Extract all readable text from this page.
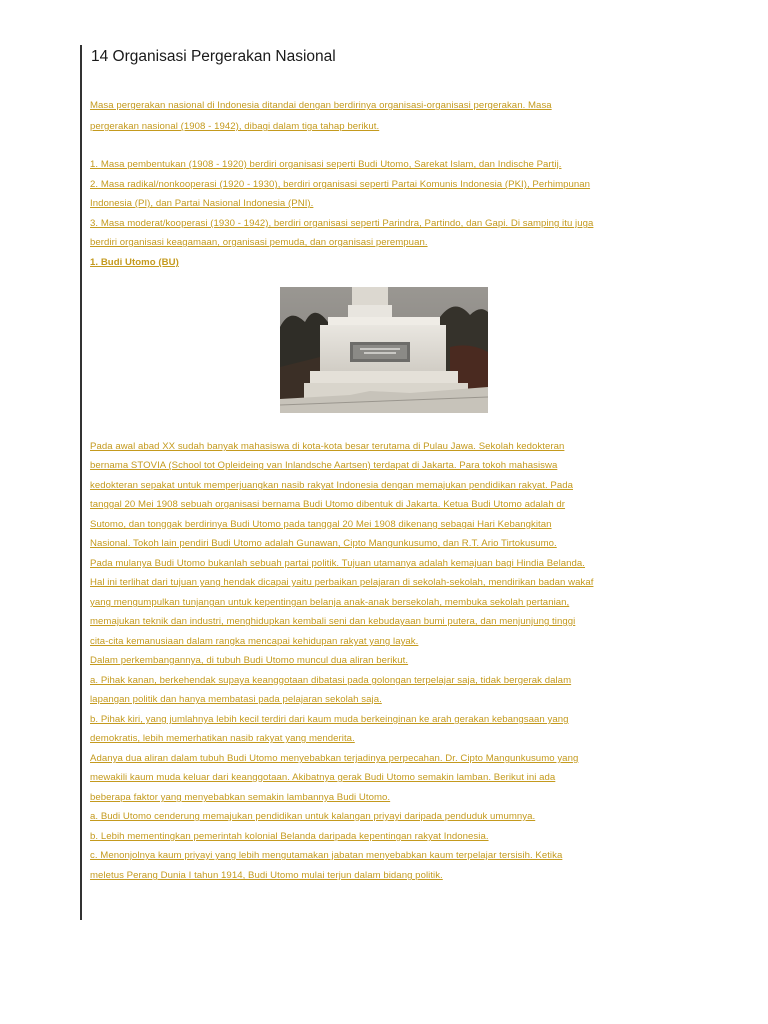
14 Organisasi Pergerakan Nasional
Masa pergerakan nasional di Indonesia ditandai dengan berdirinya organisasi-organisasi pergerakan. Masa
pergerakan nasional (1908 - 1942), dibagi dalam tiga tahap berikut.
1. Masa pembentukan (1908 - 1920) berdiri organisasi seperti Budi Utomo, Sarekat Islam, dan Indische Partij.
2. Masa radikal/nonkooperasi (1920 - 1930), berdiri organisasi seperti Partai Komunis Indonesia (PKI), Perhimpunan
Indonesia (PI), dan Partai Nasional Indonesia (PNI).
3. Masa moderat/kooperasi (1930 - 1942), berdiri organisasi seperti Parindra, Partindo, dan Gapi. Di samping itu juga
berdiri organisasi keagamaan, organisasi pemuda, dan organisasi perempuan.
1. Budi Utomo (BU)
Pada awal abad XX sudah banyak mahasiswa di kota-kota besar terutama di Pulau Jawa. Sekolah kedokteran
bernama STOVIA (School tot Opleideing van Inlandsche Aartsen) terdapat di Jakarta. Para tokoh mahasiswa
kedokteran sepakat untuk memperjuangkan nasib rakyat Indonesia dengan memajukan pendidikan rakyat. Pada
tanggal 20 Mei 1908 sebuah organisasi bernama Budi Utomo dibentuk di Jakarta. Ketua Budi Utomo adalah dr
Sutomo, dan tonggak berdirinya Budi Utomo pada tanggal 20 Mei 1908 dikenang sebagai Hari Kebangkitan
Nasional. Tokoh lain pendiri Budi Utomo adalah Gunawan, Cipto Mangunkusumo, dan R.T. Ario Tirtokusumo.
Pada mulanya Budi Utomo bukanlah sebuah partai politik. Tujuan utamanya adalah kemajuan bagi Hindia Belanda.
Hal ini terlihat dari tujuan yang hendak dicapai yaitu perbaikan pelajaran di sekolah-sekolah, mendirikan badan wakaf
yang mengumpulkan tunjangan untuk kepentingan belanja anak-anak bersekolah, membuka sekolah pertanian,
memajukan teknik dan industri, menghidupkan kembali seni dan kebudayaan bumi putera, dan menjunjung tinggi
cita-cita kemanusiaan dalam rangka mencapai kehidupan rakyat yang layak.
Dalam perkembangannya, di tubuh Budi Utomo muncul dua aliran berikut.
a. Pihak kanan, berkehendak supaya keanggotaan dibatasi pada golongan terpelajar saja, tidak bergerak dalam
lapangan politik dan hanya membatasi pada pelajaran sekolah saja.
b. Pihak kiri, yang jumlahnya lebih kecil terdiri dari kaum muda berkeinginan ke arah gerakan kebangsaan yang
demokratis, lebih memerhatikan nasib rakyat yang menderita.
Adanya dua aliran dalam tubuh Budi Utomo menyebabkan terjadinya perpecahan. Dr. Cipto Mangunkusumo yang
mewakili kaum muda keluar dari keanggotaan. Akibatnya gerak Budi Utomo semakin lamban. Berikut ini ada
beberapa faktor yang menyebabkan semakin lambannya Budi Utomo.
a. Budi Utomo cenderung memajukan pendidikan untuk kalangan priyayi daripada penduduk umumnya.
b. Lebih mementingkan pemerintah kolonial Belanda daripada kepentingan rakyat Indonesia.
c. Menonjolnya kaum priyayi yang lebih mengutamakan jabatan menyebabkan kaum terpelajar tersisih. Ketika
meletus Perang Dunia I tahun 1914, Budi Utomo mulai terjun dalam bidang politik.
